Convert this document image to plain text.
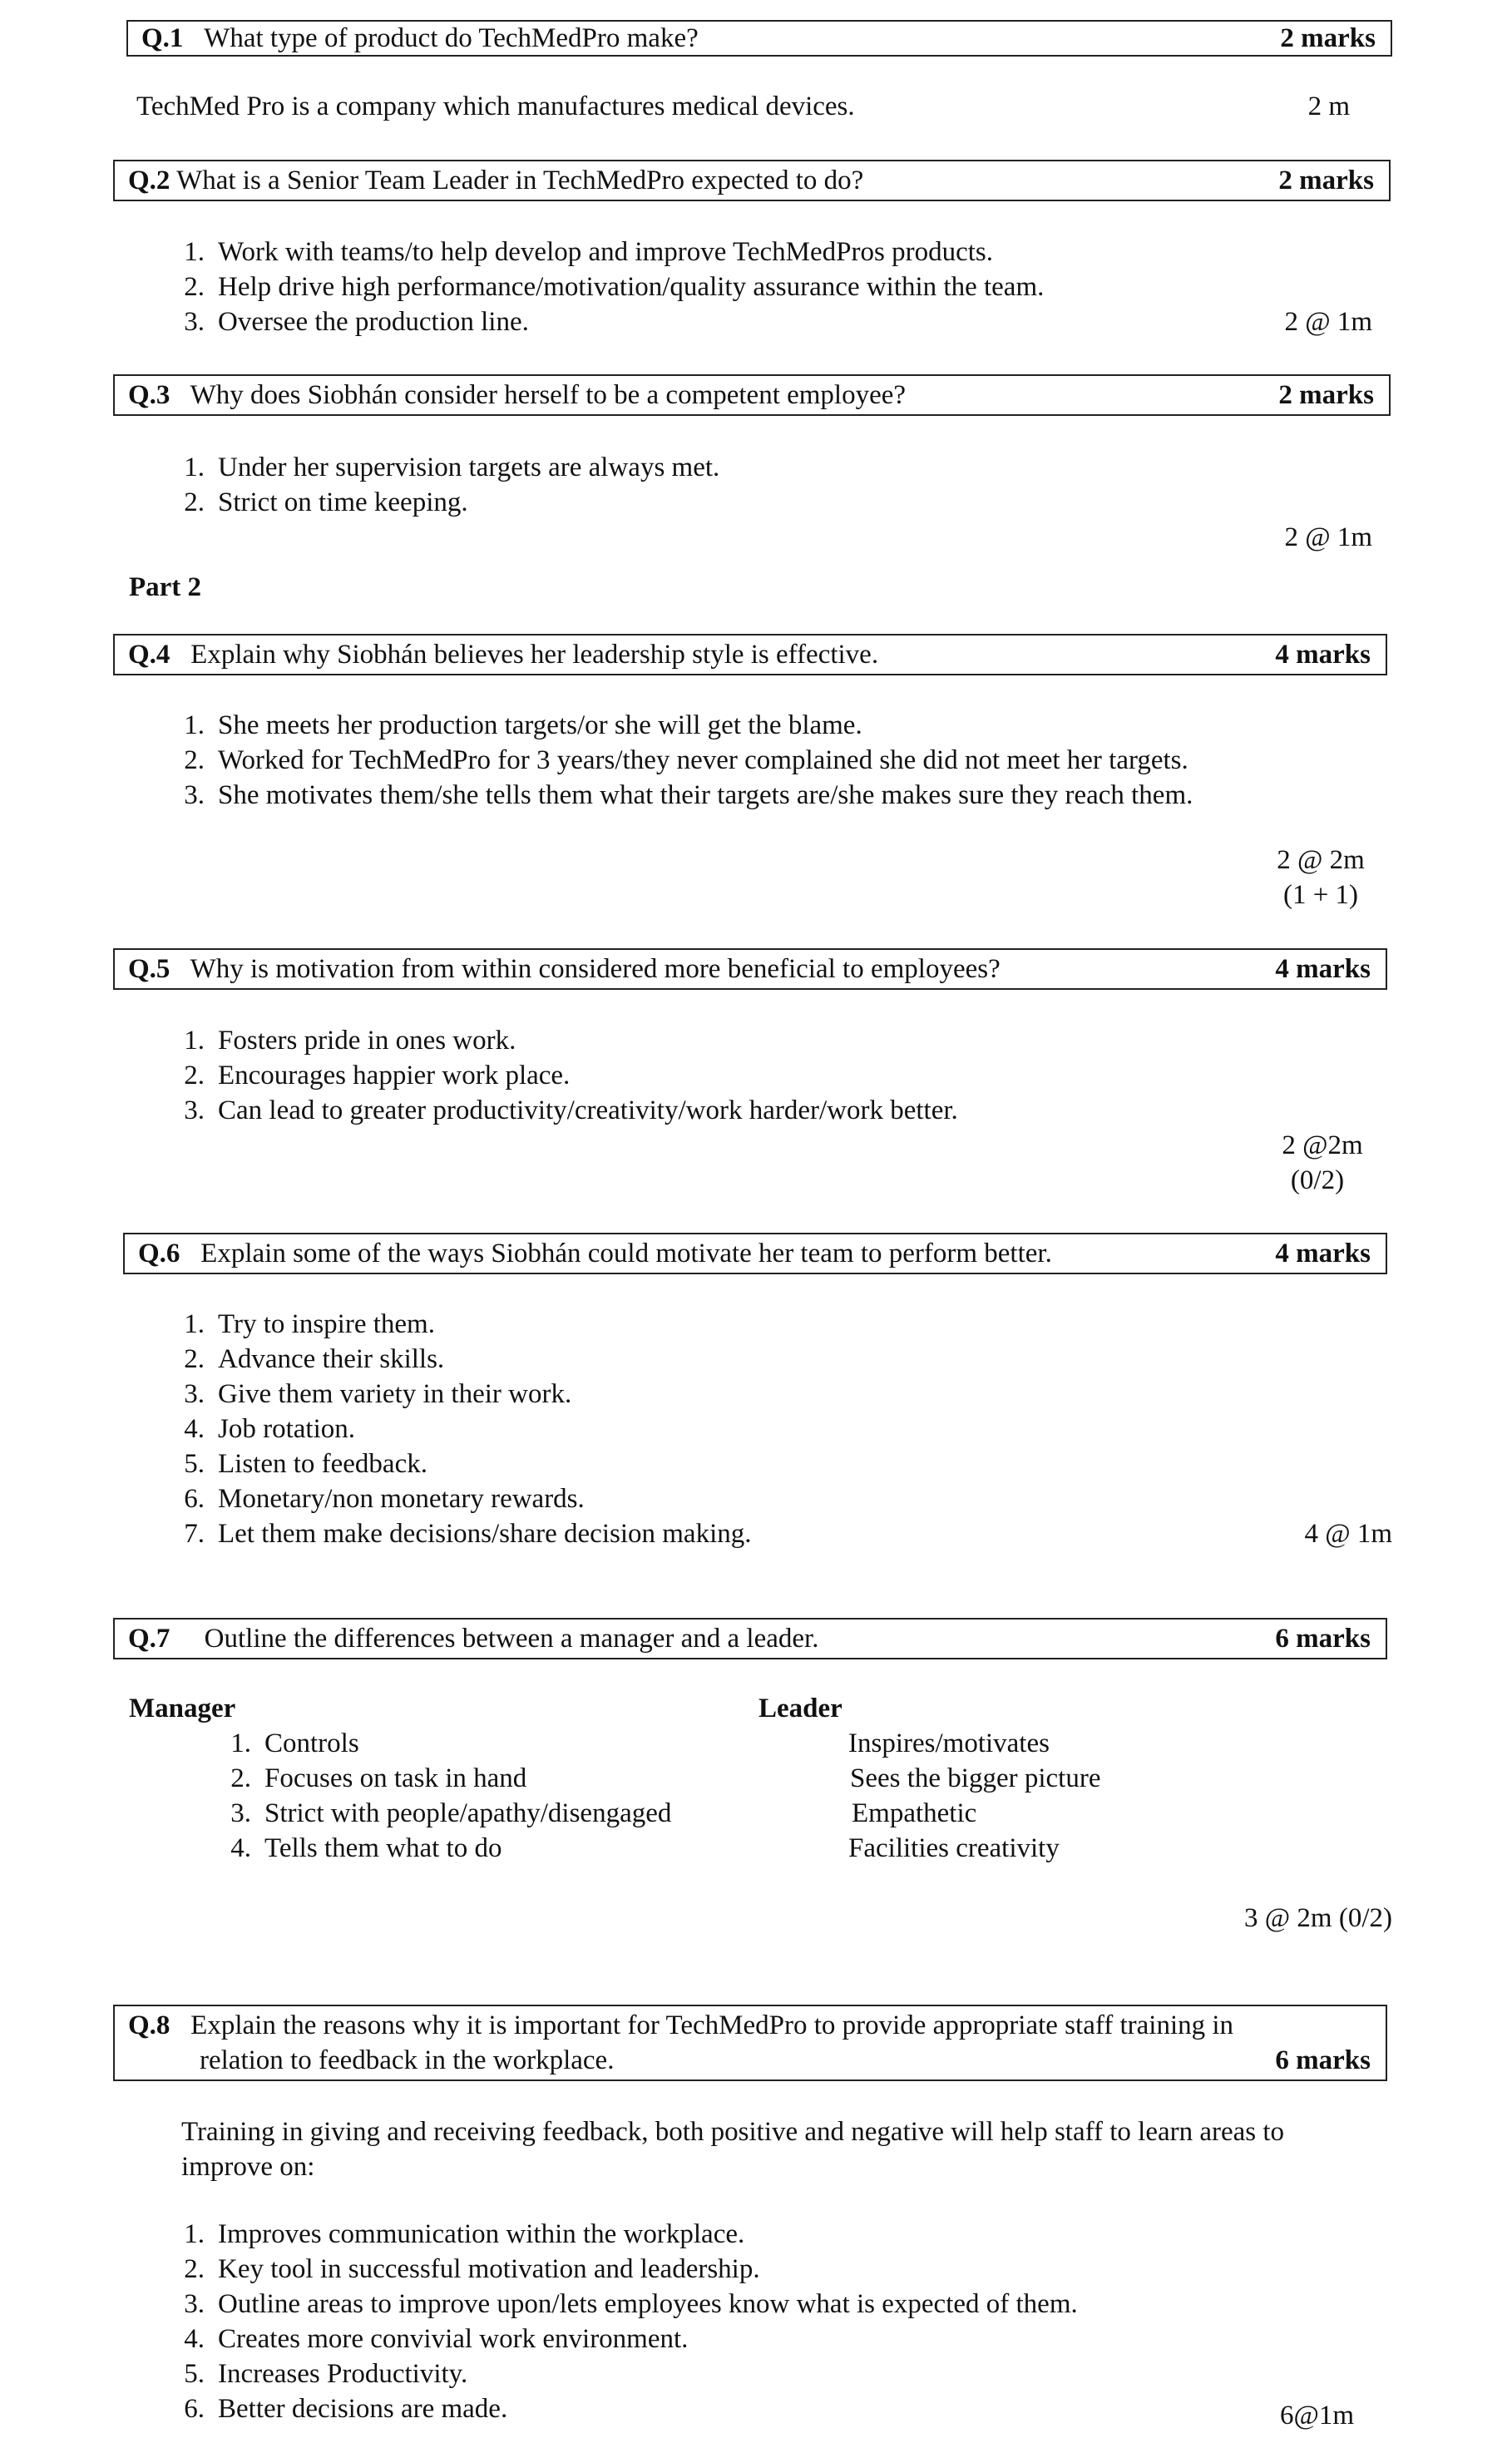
Q.1 What type of product do TechMedPro make?	2 marks
TechMed Pro is a company which manufactures medical devices.	2 m
Q.2 What is a Senior Team Leader in TechMedPro expected to do?	2 marks
1. Work with teams/to help develop and improve TechMedPros products.
2. Help drive high performance/motivation/quality assurance within the team.
3. Oversee the production line.	2 @ 1m
Q.3 Why does Siobhán consider herself to be a competent employee?	2 marks
1. Under her supervision targets are always met.
2. Strict on time keeping.
2 @ 1m
Part 2
Q.4 Explain why Siobhán believes her leadership style is effective.	4 marks
1. She meets her production targets/or she will get the blame.
2. Worked for TechMedPro for 3 years/they never complained she did not meet her targets.
3. She motivates them/she tells them what their targets are/she makes sure they reach them.
2 @ 2m
(1 + 1)
Q.5 Why is motivation from within considered more beneficial to employees?	4 marks
1. Fosters pride in ones work.
2. Encourages happier work place.
3. Can lead to greater productivity/creativity/work harder/work better.
2 @2m
(0/2)
Q.6 Explain some of the ways Siobhán could motivate her team to perform better.	4 marks
1. Try to inspire them.
2. Advance their skills.
3. Give them variety in their work.
4. Job rotation.
5. Listen to feedback.
6. Monetary/non monetary rewards.
7. Let them make decisions/share decision making.	4 @ 1m
Q.7 Outline the differences between a manager and a leader.	6 marks
Manager	Leader
1. Controls	Inspires/motivates
2. Focuses on task in hand	Sees the bigger picture
3. Strict with people/apathy/disengaged	Empathetic
4. Tells them what to do	Facilities creativity
3 @ 2m (0/2)
Q.8 Explain the reasons why it is important for TechMedPro to provide appropriate staff training in
relation to feedback in the workplace.	6 marks
Training in giving and receiving feedback, both positive and negative will help staff to learn areas to
improve on:
1. Improves communication within the workplace.
2. Key tool in successful motivation and leadership.
3. Outline areas to improve upon/lets employees know what is expected of them.
4. Creates more convivial work environment.
5. Increases Productivity.
6. Better decisions are made.	6@1m
